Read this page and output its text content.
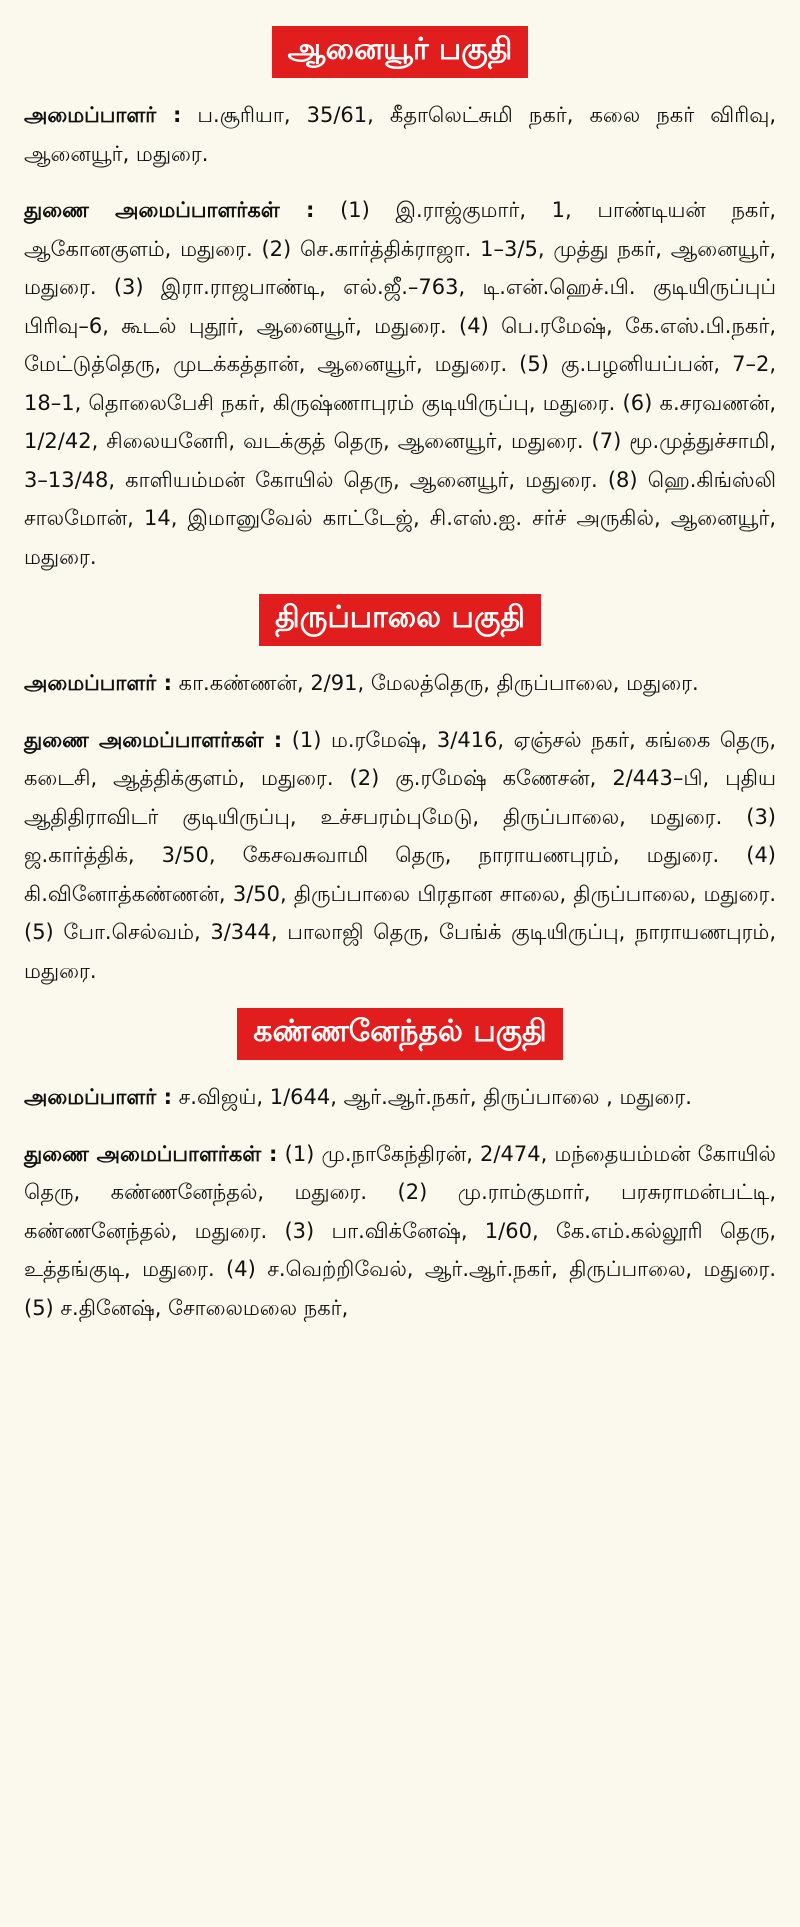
ஆனையூர் பகுதி

அமைப்பாளர் : ப.சூரியா, 35/61, கீதாலெட்சுமி நகர், கலை நகர் விரிவு, ஆனையூர், மதுரை.

துணை அமைப்பாளர்கள் : (1) இ.ராஜ்குமார், 1, பாண்டியன் நகர், ஆகோனகுளம், மதுரை. (2) செ.கார்த்திக்ராஜா. 1–3/5, முத்து நகர், ஆனையூர், மதுரை. (3) இரா.ராஜபாண்டி, எல்.ஜீ.–763, டி.என்.ஹெச்.பி. குடியிருப்புப் பிரிவு–6, கூடல் புதூர், ஆனையூர், மதுரை. (4) பெ.ரமேஷ், கே.எஸ்.பி.நகர், மேட்டுத்தெரு, முடக்கத்தான், ஆனையூர், மதுரை. (5) கு.பழனியப்பன், 7–2, 18–1, தொலைபேசி நகர், கிருஷ்ணாபுரம் குடியிருப்பு, மதுரை. (6) க.சரவணன், 1/2/42, சிலையனேரி, வடக்குத் தெரு, ஆனையூர், மதுரை. (7) மூ.முத்துச்சாமி, 3–13/48, காளியம்மன் கோயில் தெரு, ஆனையூர், மதுரை. (8) ஹெ.கிங்ஸ்லி சாலமோன், 14, இமானுவேல் காட்டேஜ், சி.எஸ்.ஐ. சர்ச் அருகில், ஆனையூர், மதுரை.

திருப்பாலை பகுதி

அமைப்பாளர் : கா.கண்ணன், 2/91, மேலத்தெரு, திருப்பாலை, மதுரை.

துணை அமைப்பாளர்கள் : (1) ம.ரமேஷ், 3/416, ஏஞ்சல் நகர், கங்கை தெரு, கடைசி, ஆத்திக்குளம், மதுரை. (2) கு.ரமேஷ் கணேசன், 2/443–பி, புதிய ஆதிதிராவிடர் குடியிருப்பு, உச்சபரம்புமேடு, திருப்பாலை, மதுரை. (3) ஜ.கார்த்திக், 3/50, கேசவசுவாமி தெரு, நாராயணபுரம், மதுரை. (4) கி.வினோத்கண்ணன், 3/50, திருப்பாலை பிரதான சாலை, திருப்பாலை, மதுரை. (5) போ.செல்வம், 3/344, பாலாஜி தெரு, பேங்க் குடியிருப்பு, நாராயணபுரம், மதுரை.

கண்ணனேந்தல் பகுதி

அமைப்பாளர் : ச.விஜய், 1/644, ஆர்.ஆர்.நகர், திருப்பாலை , மதுரை.

துணை அமைப்பாளர்கள் : (1) மு.நாகேந்திரன், 2/474, மந்தையம்மன் கோயில் தெரு, கண்ணனேந்தல், மதுரை. (2) மு.ராம்குமார், பரசுராமன்பட்டி, கண்ணனேந்தல், மதுரை. (3) பா.விக்னேஷ், 1/60, கே.எம்.கல்லூரி தெரு, உத்தங்குடி, மதுரை. (4) ச.வெற்றிவேல், ஆர்.ஆர்.நகர், திருப்பாலை, மதுரை. (5) ச.தினேஷ், சோலைமலை நகர்,
